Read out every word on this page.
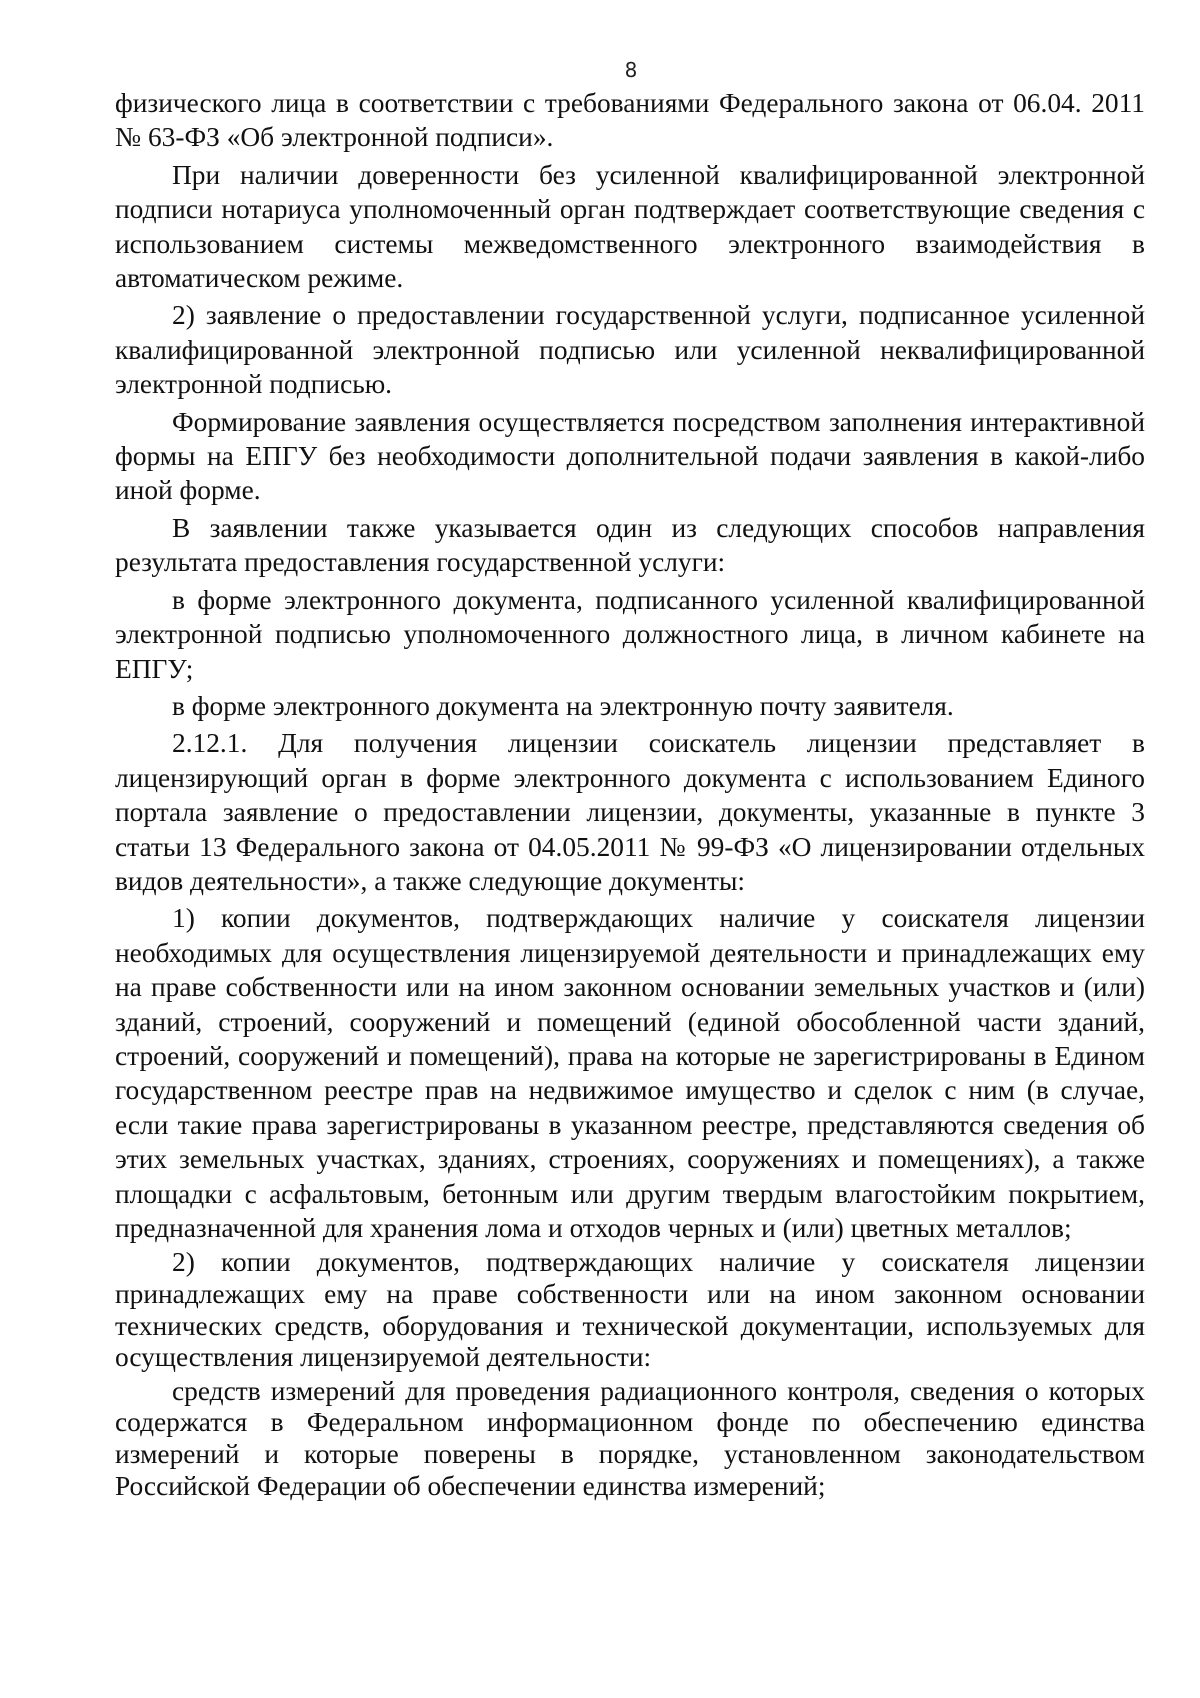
8

физического лица в соответствии с требованиями Федерального закона от 06.04. 2011 № 63-ФЗ «Об электронной подписи».

При наличии доверенности без усиленной квалифицированной электронной подписи нотариуса уполномоченный орган подтверждает соответствующие сведения с использованием системы межведомственного электронного взаимодействия в автоматическом режиме.

2) заявление о предоставлении государственной услуги, подписанное усиленной квалифицированной электронной подписью или усиленной неквалифицированной электронной подписью.

Формирование заявления осуществляется посредством заполнения интерактивной формы на ЕПГУ без необходимости дополнительной подачи заявления в какой-либо иной форме.

В заявлении также указывается один из следующих способов направления результата предоставления государственной услуги:

в форме электронного документа, подписанного усиленной квалифицированной электронной подписью уполномоченного должностного лица, в личном кабинете на ЕПГУ;

в форме электронного документа на электронную почту заявителя.

2.12.1. Для получения лицензии соискатель лицензии представляет в лицензирующий орган в форме электронного документа с использованием Единого портала заявление о предоставлении лицензии, документы, указанные в пункте 3 статьи 13 Федерального закона от 04.05.2011 № 99-ФЗ «О лицензировании отдельных видов деятельности», а также следующие документы:

1) копии документов, подтверждающих наличие у соискателя лицензии необходимых для осуществления лицензируемой деятельности и принадлежащих ему на праве собственности или на ином законном основании земельных участков и (или) зданий, строений, сооружений и помещений (единой обособленной части зданий, строений, сооружений и помещений), права на которые не зарегистрированы в Едином государственном реестре прав на недвижимое имущество и сделок с ним (в случае, если такие права зарегистрированы в указанном реестре, представляются сведения об этих земельных участках, зданиях, строениях, сооружениях и помещениях), а также площадки с асфальтовым, бетонным или другим твердым влагостойким покрытием, предназначенной для хранения лома и отходов черных и (или) цветных металлов;

2) копии документов, подтверждающих наличие у соискателя лицензии принадлежащих ему на праве собственности или на ином законном основании технических средств, оборудования и технической документации, используемых для осуществления лицензируемой деятельности:

средств измерений для проведения радиационного контроля, сведения о которых содержатся в Федеральном информационном фонде по обеспечению единства измерений и которые поверены в порядке, установленном законодательством Российской Федерации об обеспечении единства измерений;
